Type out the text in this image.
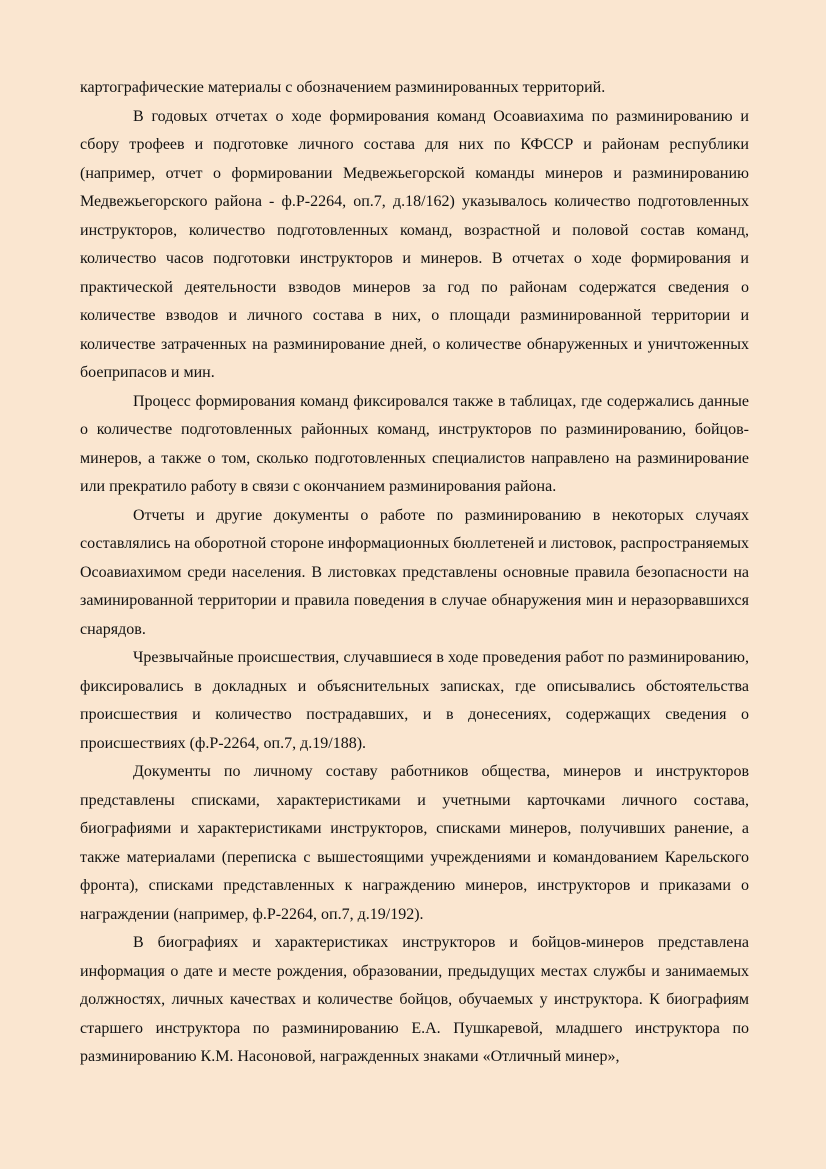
картографические материалы с обозначением разминированных территорий.

В годовых отчетах о ходе формирования команд Осоавиахима по разминированию и сбору трофеев и подготовке личного состава для них по КФССР и районам республики (например, отчет о формировании Медвежьегорской команды минеров и разминированию Медвежьегорского района - ф.Р-2264, оп.7, д.18/162) указывалось количество подготовленных инструкторов, количество подготовленных команд, возрастной и половой состав команд, количество часов подготовки инструкторов и минеров. В отчетах о ходе формирования и практической деятельности взводов минеров за год по районам содержатся сведения о количестве взводов и личного состава в них, о площади разминированной территории и количестве затраченных на разминирование дней, о количестве обнаруженных и уничтоженных боеприпасов и мин.

Процесс формирования команд фиксировался также в таблицах, где содержались данные о количестве подготовленных районных команд, инструкторов по разминированию, бойцов-минеров, а также о том, сколько подготовленных специалистов направлено на разминирование или прекратило работу в связи с окончанием разминирования района.

Отчеты и другие документы о работе по разминированию в некоторых случаях составлялись на оборотной стороне информационных бюллетеней и листовок, распространяемых Осоавиахимом среди населения. В листовках представлены основные правила безопасности на заминированной территории и правила поведения в случае обнаружения мин и неразорвавшихся снарядов.

Чрезвычайные происшествия, случавшиеся в ходе проведения работ по разминированию, фиксировались в докладных и объяснительных записках, где описывались обстоятельства происшествия и количество пострадавших, и в донесениях, содержащих сведения о происшествиях (ф.Р-2264, оп.7, д.19/188).

Документы по личному составу работников общества, минеров и инструкторов представлены списками, характеристиками и учетными карточками личного состава, биографиями и характеристиками инструкторов, списками минеров, получивших ранение, а также материалами (переписка с вышестоящими учреждениями и командованием Карельского фронта), списками представленных к награждению минеров, инструкторов и приказами о награждении (например, ф.Р-2264, оп.7, д.19/192).

В биографиях и характеристиках инструкторов и бойцов-минеров представлена информация о дате и месте рождения, образовании, предыдущих местах службы и занимаемых должностях, личных качествах и количестве бойцов, обучаемых у инструктора. К биографиям старшего инструктора по разминированию Е.А. Пушкаревой, младшего инструктора по разминированию К.М. Насоновой, награжденных знаками «Отличный минер»,
